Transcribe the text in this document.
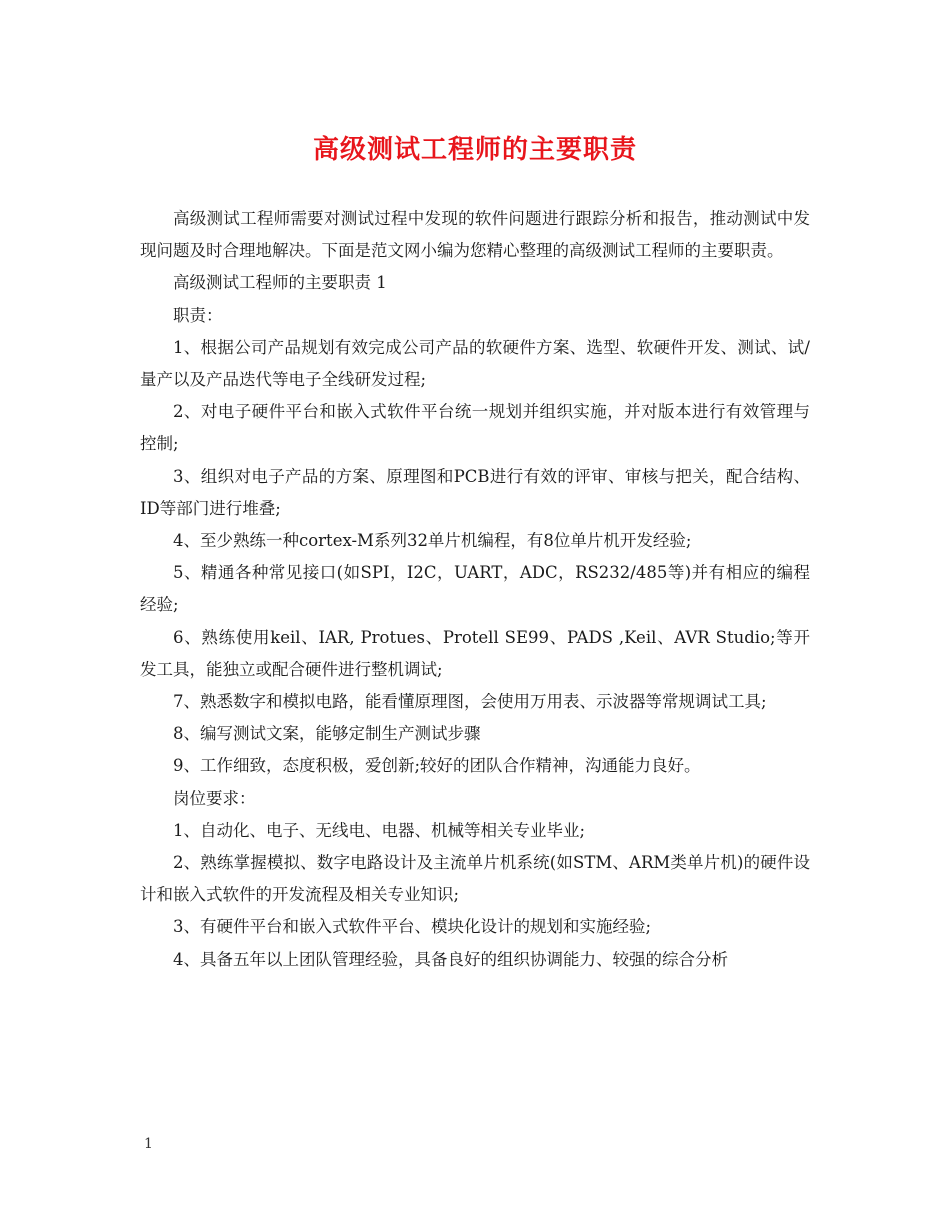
高级测试工程师的主要职责

高级测试工程师需要对测试过程中发现的软件问题进行跟踪分析和报告，推动测试中发现问题及时合理地解决。下面是范文网小编为您精心整理的高级测试工程师的主要职责。

高级测试工程师的主要职责 1

职责：

1、根据公司产品规划有效完成公司产品的软硬件方案、选型、软硬件开发、测试、试/量产以及产品迭代等电子全线研发过程;

2、对电子硬件平台和嵌入式软件平台统一规划并组织实施，并对版本进行有效管理与控制;

3、组织对电子产品的方案、原理图和PCB进行有效的评审、审核与把关，配合结构、ID等部门进行堆叠;

4、至少熟练一种cortex-M系列32单片机编程，有8位单片机开发经验;

5、精通各种常见接口(如SPI，I2C，UART，ADC，RS232/485等)并有相应的编程经验;

6、熟练使用keil、IAR, Protues、Protell SE99、PADS ,Keil、AVR Studio;等开发工具，能独立或配合硬件进行整机调试;

7、熟悉数字和模拟电路，能看懂原理图，会使用万用表、示波器等常规调试工具;

8、编写测试文案，能够定制生产测试步骤

9、工作细致，态度积极，爱创新;较好的团队合作精神，沟通能力良好。

岗位要求：

1、自动化、电子、无线电、电器、机械等相关专业毕业;

2、熟练掌握模拟、数字电路设计及主流单片机系统(如STM、ARM类单片机)的硬件设计和嵌入式软件的开发流程及相关专业知识;

3、有硬件平台和嵌入式软件平台、模块化设计的规划和实施经验;

4、具备五年以上团队管理经验，具备良好的组织协调能力、较强的综合分析

1
